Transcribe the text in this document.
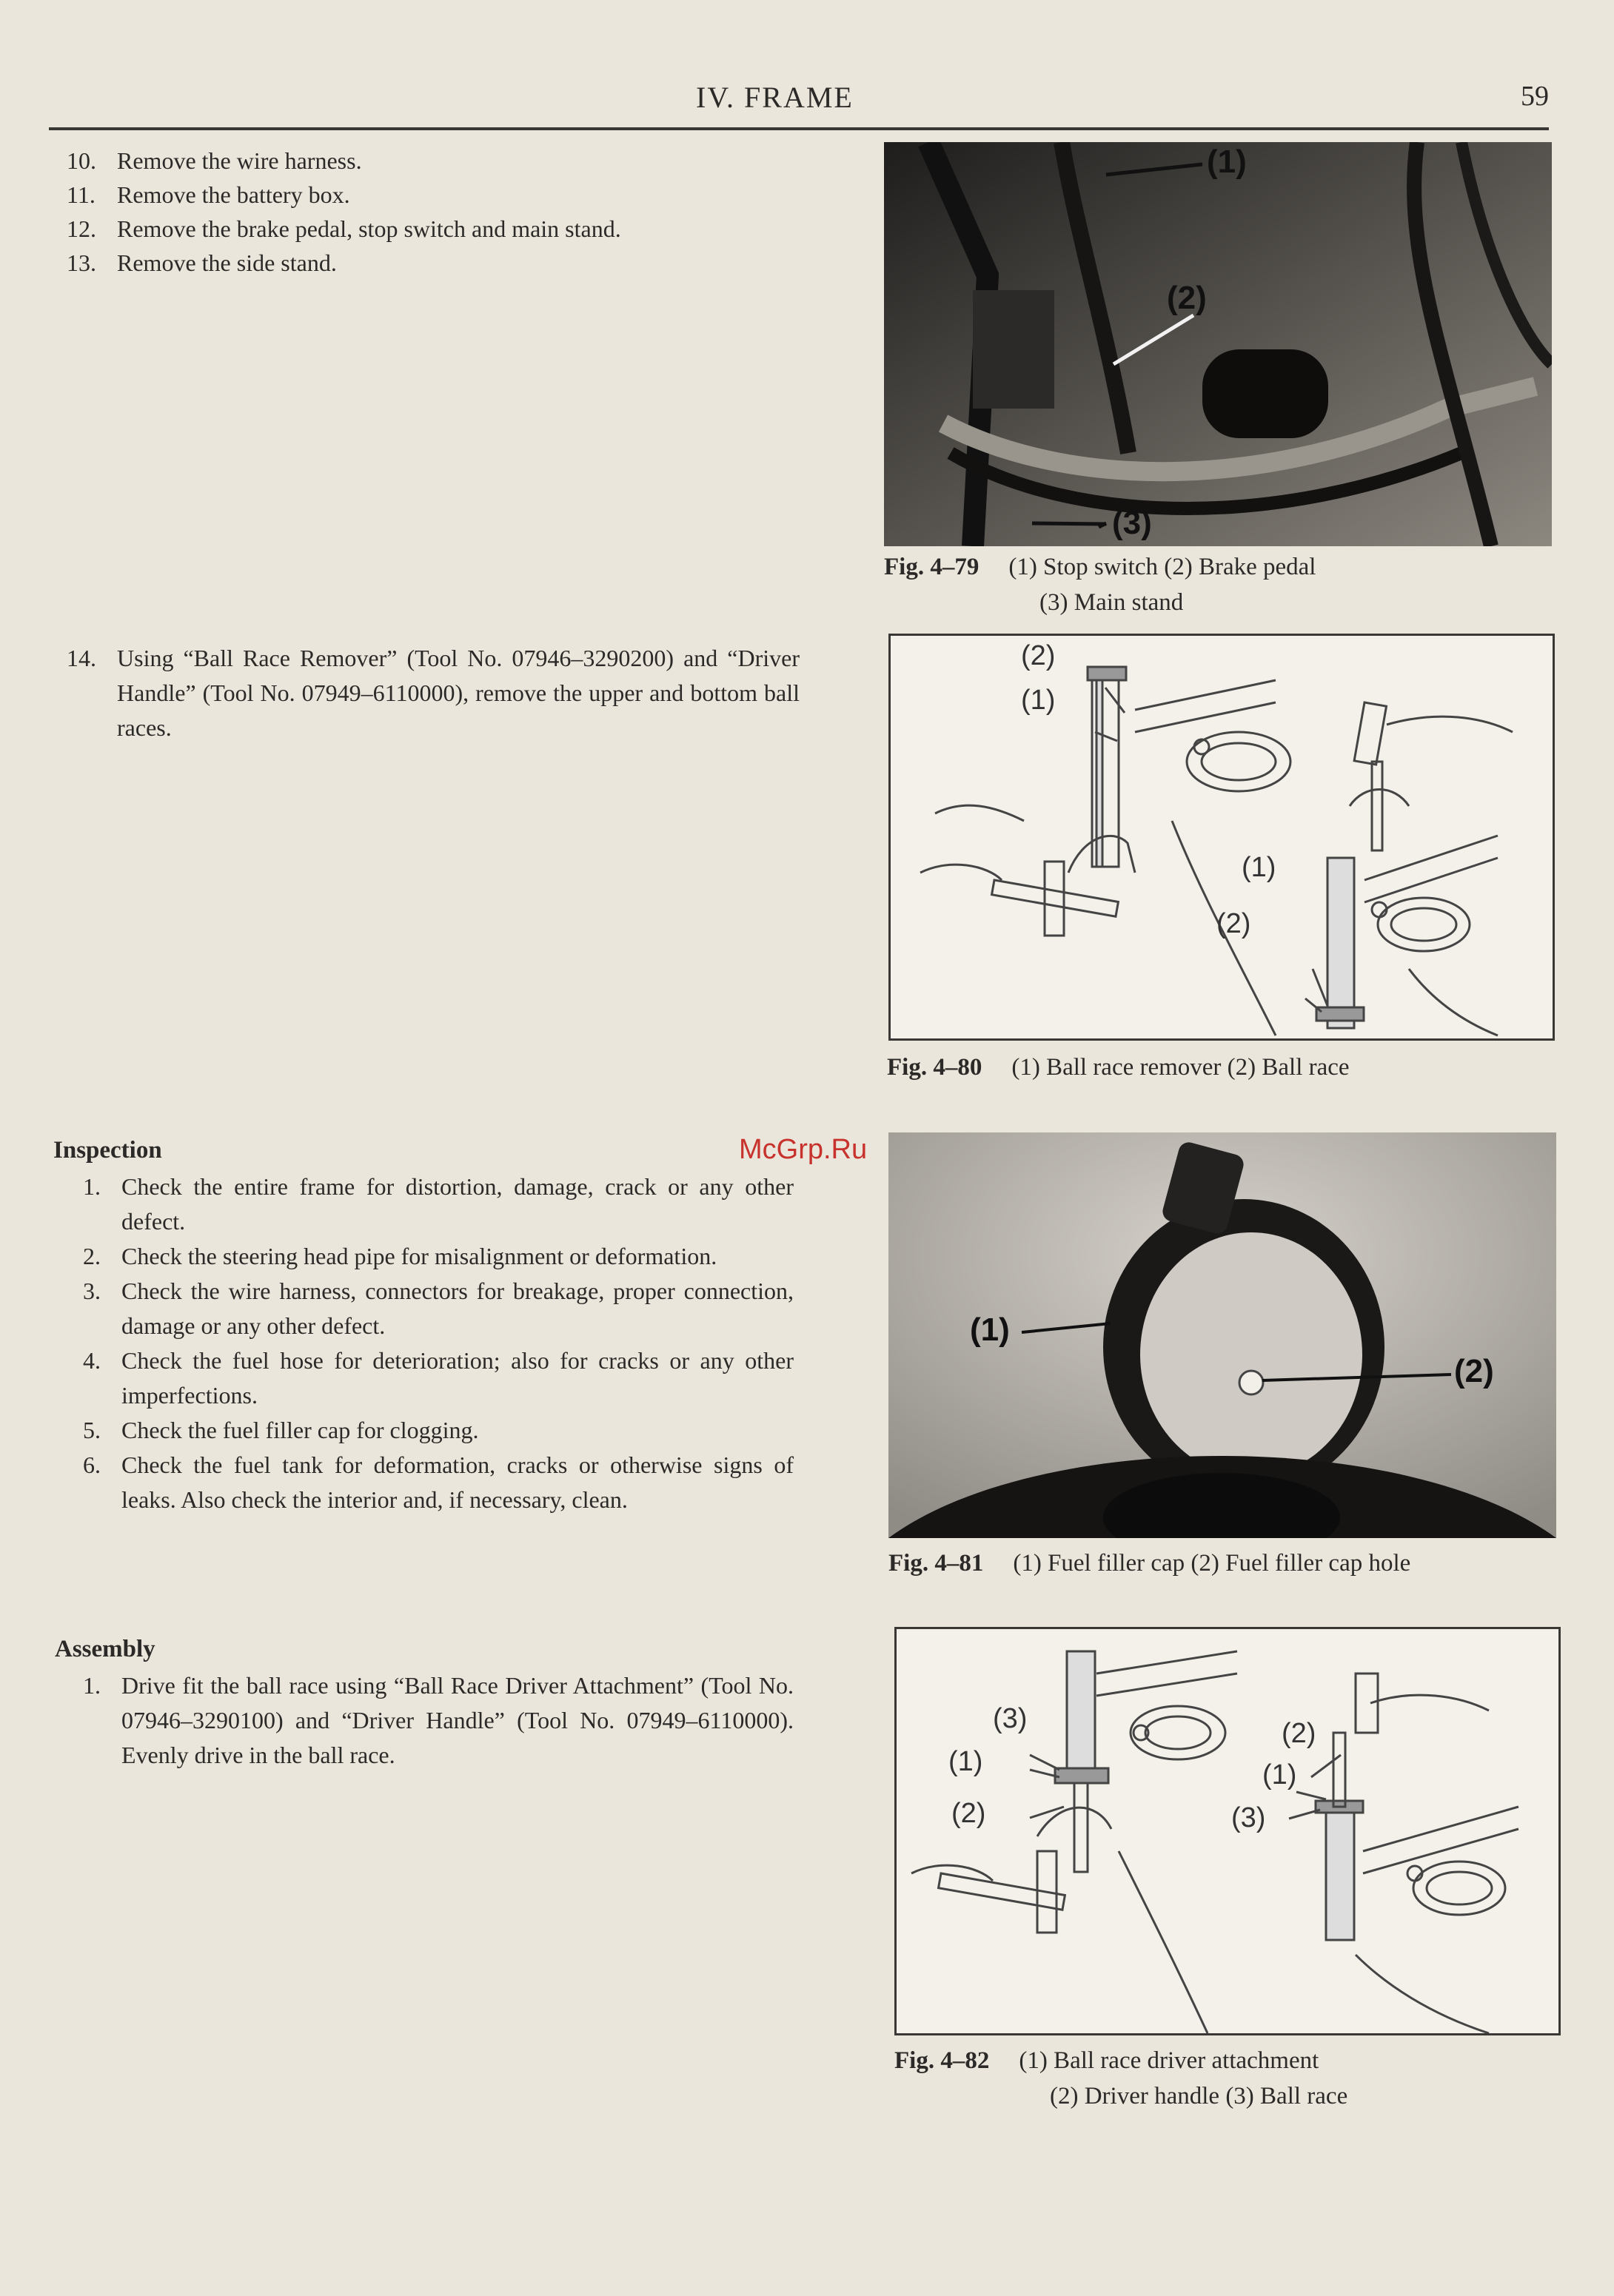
IV. FRAME	59
10. Remove the wire harness.
11. Remove the battery box.
12. Remove the brake pedal, stop switch and main stand.
13. Remove the side stand.
14. Using “Ball Race Remover” (Tool No. 07946–3290200) and “Driver Handle” (Tool No. 07949–6110000), remove the upper and bottom ball races.
Inspection
1. Check the entire frame for distortion, damage, crack or any other defect.
2. Check the steering head pipe for misalignment or deformation.
3. Check the wire harness, connectors for breakage, proper connection, damage or any other defect.
4. Check the fuel hose for deterioration; also for cracks or any other imperfections.
5. Check the fuel filler cap for clogging.
6. Check the fuel tank for deformation, cracks or otherwise signs of leaks. Also check the interior and, if necessary, clean.
Assembly
1. Drive fit the ball race using “Ball Race Driver Attachment” (Tool No. 07946–3290100) and “Driver Handle” (Tool No. 07949–6110000). Evenly drive in the ball race.
McGrp.Ru
(1)
(2)
(3)
Fig. 4–79 (1) Stop switch (2) Brake pedal
(3) Main stand
(2)
(1)
(1)
(2)
Fig. 4–80 (1) Ball race remover (2) Ball race
(1)
(2)
Fig. 4–81 (1) Fuel filler cap (2) Fuel filler cap hole
(3)
(1)
(2)
(2)
(1)
(3)
Fig. 4–82 (1) Ball race driver attachment
(2) Driver handle (3) Ball race
